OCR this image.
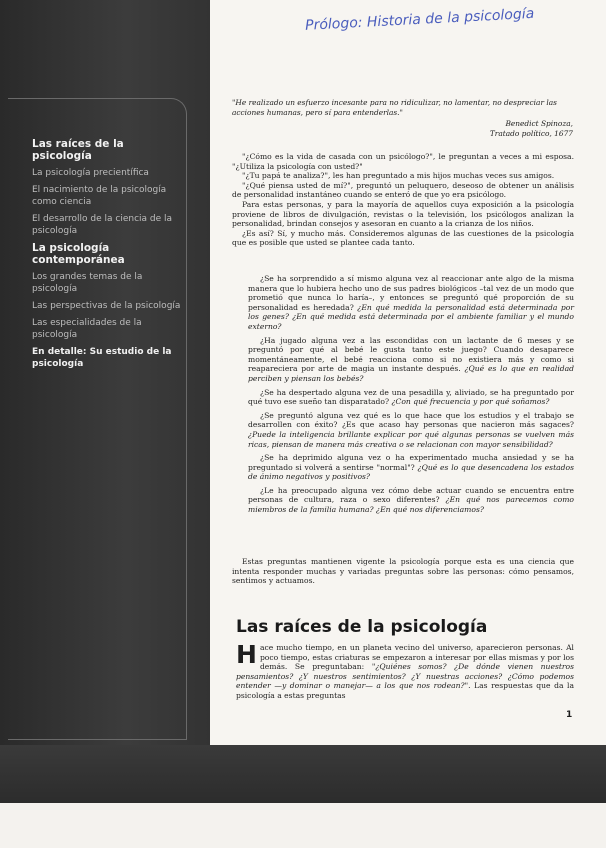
Prólogo: Historia de la psicología
Las raíces de la psicología
La psicología precientífica
El nacimiento de la psicología como ciencia
El desarrollo de la ciencia de la psicología
La psicología contemporánea
Los grandes temas de la psicología
Las perspectivas de la psicología
Las especialidades de la psicología
En detalle: Su estudio de la psicología
"He realizado un esfuerzo incesante para no ridiculizar, no lamentar, no despreciar las acciones humanas, pero sí para entenderlas."
Benedict Spinoza,
Tratado político, 1677

"¿Cómo es la vida de casada con un psicólogo?", le preguntan a veces a mi esposa. "¿Utiliza la psicología con usted?"

"¿Tu papá te analiza?", les han preguntado a mis hijos muchas veces sus amigos.

"¿Qué piensa usted de mí?", preguntó un peluquero, deseoso de obtener un análisis de personalidad instantáneo cuando se enteró de que yo era psicólogo.

Para estas personas, y para la mayoría de aquellos cuya exposición a la psicología proviene de libros de divulgación, revistas o la televisión, los psicólogos analizan la personalidad, brindan consejos y asesoran en cuanto a la crianza de los niños.

¿Es así? Sí, y mucho más. Consideremos algunas de las cuestiones de la psicología que es posible que usted se plantee cada tanto.

¿Se ha sorprendido a sí mismo alguna vez al reaccionar ante algo de la misma manera que lo hubiera hecho uno de sus padres biológicos –tal vez de un modo que prometió que nunca lo haría–, y entonces se preguntó qué proporción de su personalidad es heredada? ¿En qué medida la personalidad está determinada por los genes? ¿En qué medida está determinada por el ambiente familiar y el mundo externo?

¿Ha jugado alguna vez a las escondidas con un lactante de 6 meses y se preguntó por qué al bebé le gusta tanto este juego? Cuando desaparece momentáneamente, el bebé reacciona como si no existiera más y como si reapareciera por arte de magia un instante después. ¿Qué es lo que en realidad perciben y piensan los bebés?

¿Se ha despertado alguna vez de una pesadilla y, aliviado, se ha preguntado por qué tuvo ese sueño tan disparatado? ¿Con qué frecuencia y por qué soñamos?

¿Se preguntó alguna vez qué es lo que hace que los estudios y el trabajo se desarrollen con éxito? ¿Es que acaso hay personas que nacieron más sagaces? ¿Puede la inteligencia brillante explicar por qué algunas personas se vuelven más ricas, piensan de manera más creativa o se relacionan con mayor sensibilidad?

¿Se ha deprimido alguna vez o ha experimentado mucha ansiedad y se ha preguntado si volverá a sentirse "normal"? ¿Qué es lo que desencadena los estados de ánimo negativos y positivos?

¿Le ha preocupado alguna vez cómo debe actuar cuando se encuentra entre personas de cultura, raza o sexo diferentes? ¿En qué nos parecemos como miembros de la familia humana? ¿En qué nos diferenciamos?

Estas preguntas mantienen vigente la psicología porque esta es una ciencia que intenta responder muchas y variadas preguntas sobre las personas: cómo pensamos, sentimos y actuamos.

Las raíces de la psicología
Hace mucho tiempo, en un planeta vecino del universo, aparecieron personas. Al poco tiempo, estas criaturas se empezaron a interesar por ellas mismas y por los demás. Se preguntaban: "¿Quiénes somos? ¿De dónde vienen nuestros pensamientos? ¿Y nuestros sentimientos? ¿Y nuestras acciones? ¿Cómo podemos entender —y dominar o manejar— a los que nos rodean?". Las respuestas que da la psicología a estas preguntas
1
